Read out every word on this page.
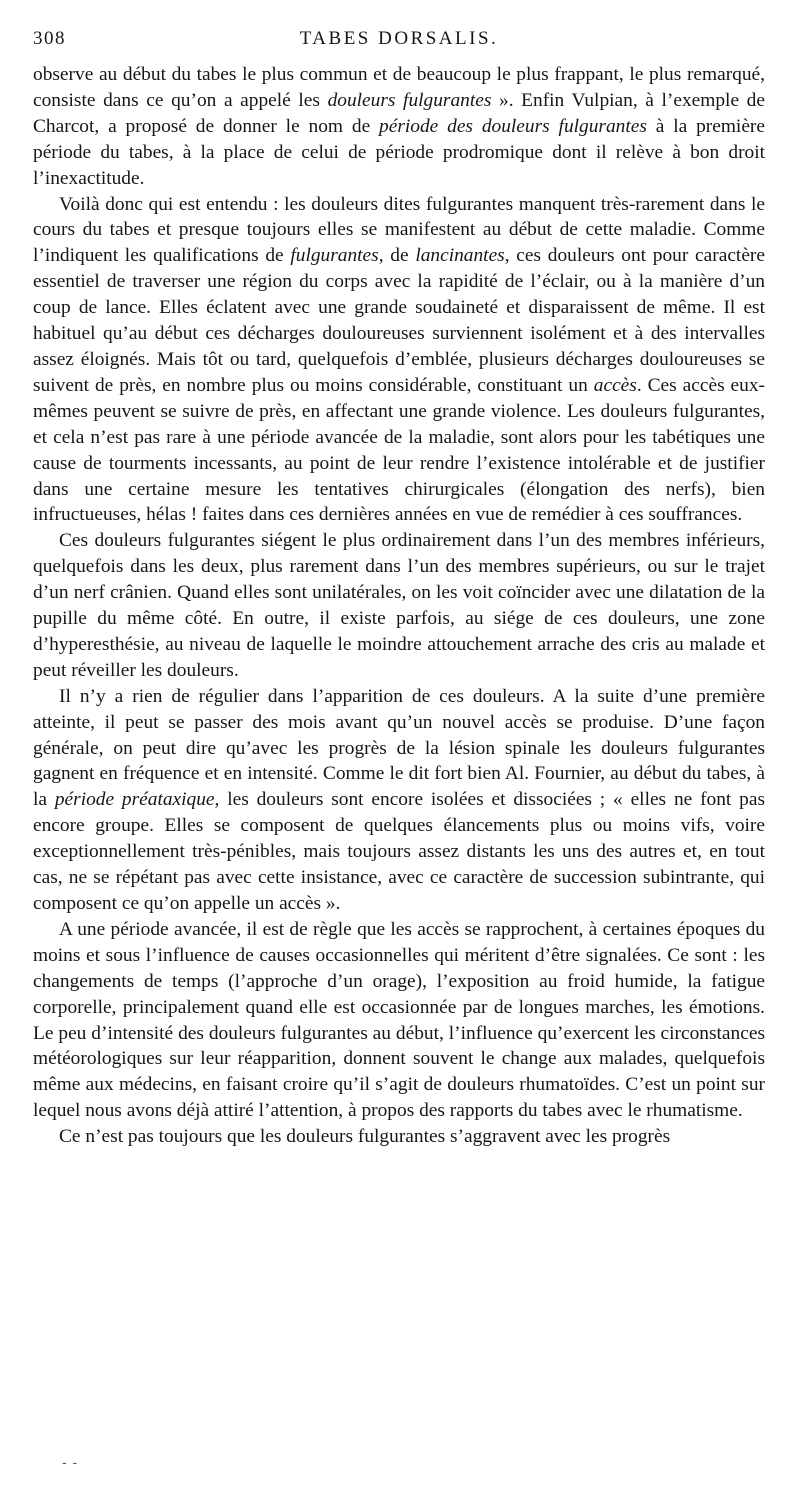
308	TABES DORSALIS.

observe au début du tabes le plus commun et de beaucoup le plus frappant, le plus remarqué, consiste dans ce qu’on a appelé les douleurs fulgurantes ». Enfin Vulpian, à l’exemple de Charcot, a proposé de donner le nom de période des douleurs fulgurantes à la première période du tabes, à la place de celui de période prodromique dont il relève à bon droit l’inexactitude.

Voilà donc qui est entendu : les douleurs dites fulgurantes manquent très-rarement dans le cours du tabes et presque toujours elles se manifestent au début de cette maladie. Comme l’indiquent les qualifications de fulgurantes, de lancinantes, ces douleurs ont pour caractère essentiel de traverser une région du corps avec la rapidité de l’éclair, ou à la manière d’un coup de lance. Elles éclatent avec une grande soudaineté et disparaissent de même. Il est habituel qu’au début ces décharges douloureuses surviennent isolément et à des intervalles assez éloignés. Mais tôt ou tard, quelquefois d’emblée, plusieurs décharges douloureuses se suivent de près, en nombre plus ou moins considérable, constituant un accès. Ces accès eux-mêmes peuvent se suivre de près, en affectant une grande violence. Les douleurs fulgurantes, et cela n’est pas rare à une période avancée de la maladie, sont alors pour les tabétiques une cause de tourments incessants, au point de leur rendre l’existence intolérable et de justifier dans une certaine mesure les tentatives chirurgicales (élongation des nerfs), bien infructueuses, hélas ! faites dans ces dernières années en vue de remédier à ces souffrances.

Ces douleurs fulgurantes siégent le plus ordinairement dans l’un des membres inférieurs, quelquefois dans les deux, plus rarement dans l’un des membres supérieurs, ou sur le trajet d’un nerf crânien. Quand elles sont unilatérales, on les voit coïncider avec une dilatation de la pupille du même côté. En outre, il existe parfois, au siége de ces douleurs, une zone d’hyperesthésie, au niveau de laquelle le moindre attouchement arrache des cris au malade et peut réveiller les douleurs.

Il n’y a rien de régulier dans l’apparition de ces douleurs. A la suite d’une première atteinte, il peut se passer des mois avant qu’un nouvel accès se produise. D’une façon générale, on peut dire qu’avec les progrès de la lésion spinale les douleurs fulgurantes gagnent en fréquence et en intensité. Comme le dit fort bien Al. Fournier, au début du tabes, à la période préataxique, les douleurs sont encore isolées et dissociées ; « elles ne font pas encore groupe. Elles se composent de quelques élancements plus ou moins vifs, voire exceptionnellement très-pénibles, mais toujours assez distants les uns des autres et, en tout cas, ne se répétant pas avec cette insistance, avec ce caractère de succession subintrante, qui composent ce qu’on appelle un accès ».

A une période avancée, il est de règle que les accès se rapprochent, à certaines époques du moins et sous l’influence de causes occasionnelles qui méritent d’être signalées. Ce sont : les changements de temps (l’approche d’un orage), l’exposition au froid humide, la fatigue corporelle, principalement quand elle est occasionnée par de longues marches, les émotions. Le peu d’intensité des douleurs fulgurantes au début, l’influence qu’exercent les circonstances météorologiques sur leur réapparition, donnent souvent le change aux malades, quelquefois même aux médecins, en faisant croire qu’il s’agit de douleurs rhumatoïdes. C’est un point sur lequel nous avons déjà attiré l’attention, à propos des rapports du tabes avec le rhumatisme.

Ce n’est pas toujours que les douleurs fulgurantes s’aggravent avec les progrès

- -
